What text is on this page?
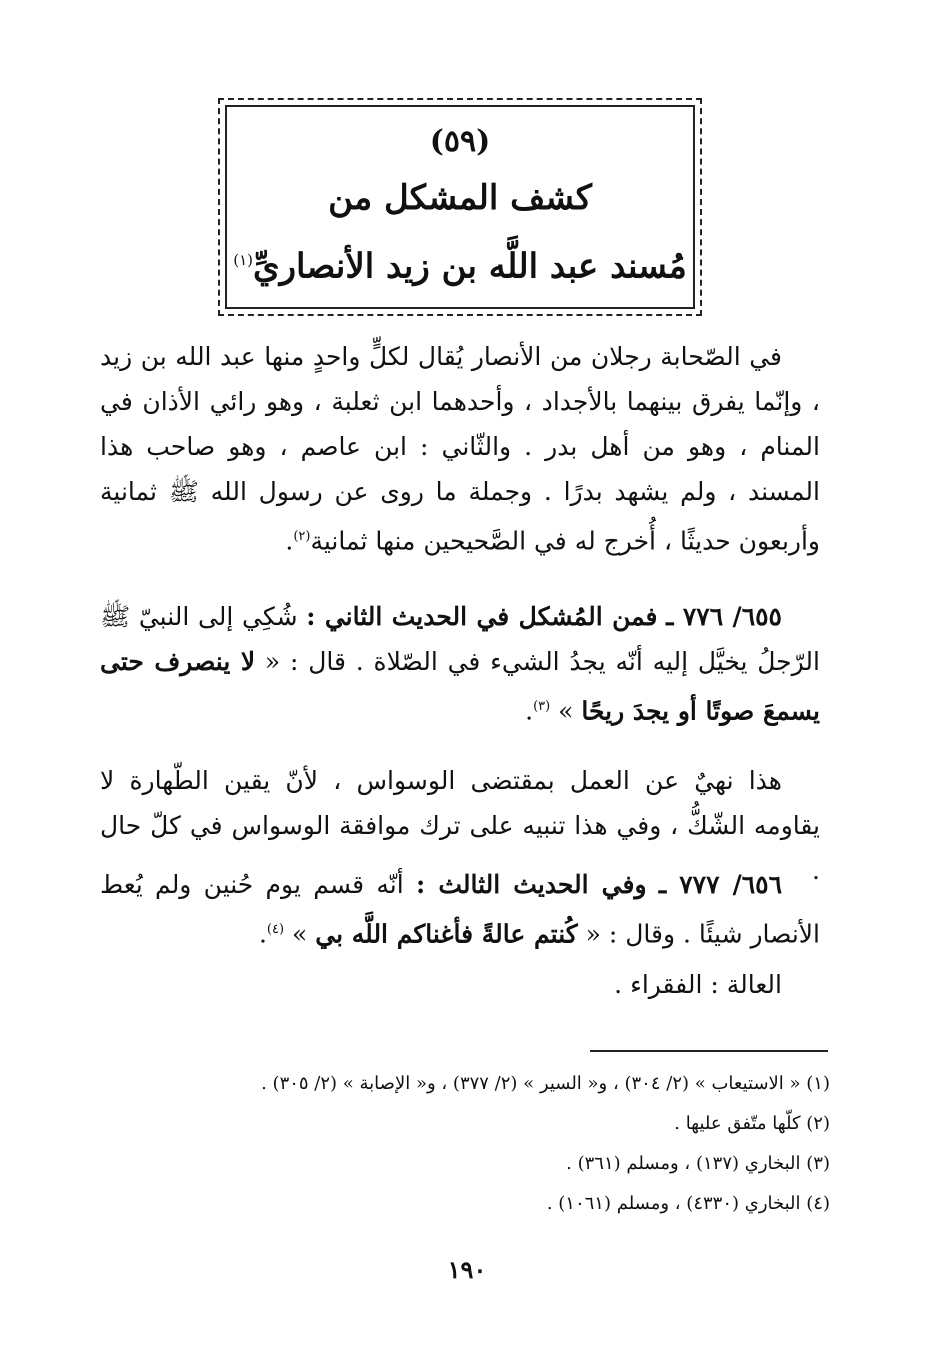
(٥٩)
كشف المشكل من
مُسند عبد اللَّه بن زيد الأنصاريِّ$^{(١)}$
في الصّحابة رجلان من الأنصار يُقال لكلٍّ واحدٍ منها عبد الله بن زيد ، وإنّما يفرق بينهما بالأجداد ، وأحدهما ابن ثعلبة ، وهو رائي الأذان في المنام ، وهو من أهل بدر . والثّاني : ابن عاصم ، وهو صاحب هذا المسند ، ولم يشهد بدرًا . وجملة ما روى عن رسول الله ﷺ ثمانية وأربعون حديثًا ، أُخرج له في الصَّحيحين منها ثمانية$^{(٢)}$.
٦٥٥/ ٧٧٦ ـ فمن المُشكل في الحديث الثاني : شُكِي إلى النبيّ ﷺ الرّجلُ يخيَّل إليه أنّه يجدُ الشيء في الصّلاة . قال : « لا ينصرف حتى يسمعَ صوتًا أو يجدَ ريحًا » $^{(٣)}$.
هذا نهيٌ عن العمل بمقتضى الوسواس ، لأنّ يقين الطّهارة لا يقاومه الشّكُّ ، وفي هذا تنبيه على ترك موافقة الوسواس في كلّ حال .
٦٥٦/ ٧٧٧ ـ وفي الحديث الثالث : أنّه قسم يوم حُنين ولم يُعط الأنصار شيئًا . وقال : « كُنتم عالةً فأغناكم اللَّه بي » $^{(٤)}$.
العالة : الفقراء .
(١) « الاستيعاب » (٢/ ٣٠٤) ، و« السير » (٢/ ٣٧٧) ، و« الإصابة » (٢/ ٣٠٥) .
(٢) كلّها متّفق عليها .
(٣) البخاري (١٣٧) ، ومسلم (٣٦١) .
(٤) البخاري (٤٣٣٠) ، ومسلم (١٠٦١) .
١٩٠
